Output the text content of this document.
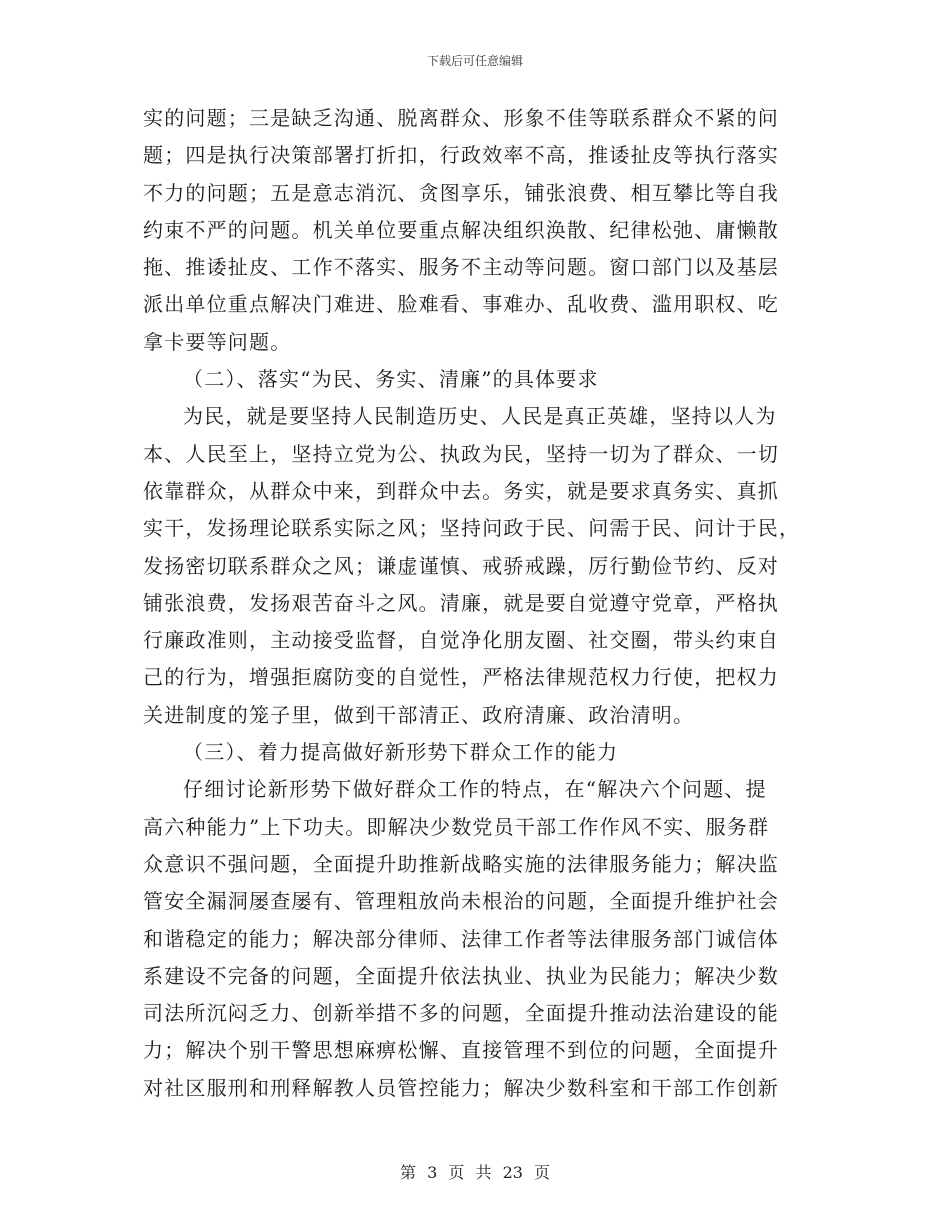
下载后可任意编辑
实的问题；三是缺乏沟通、脱离群众、形象不佳等联系群众不紧的问
题；四是执行决策部署打折扣，行政效率不高，推诿扯皮等执行落实
不力的问题；五是意志消沉、贪图享乐，铺张浪费、相互攀比等自我
约束不严的问题。机关单位要重点解决组织涣散、纪律松弛、庸懒散
拖、推诿扯皮、工作不落实、服务不主动等问题。窗口部门以及基层
派出单位重点解决门难进、脸难看、事难办、乱收费、滥用职权、吃
拿卡要等问题。
（二）、落实“为民、务实、清廉”的具体要求
为民，就是要坚持人民制造历史、人民是真正英雄，坚持以人为
本、人民至上，坚持立党为公、执政为民，坚持一切为了群众、一切
依靠群众，从群众中来，到群众中去。务实，就是要求真务实、真抓
实干，发扬理论联系实际之风；坚持问政于民、问需于民、问计于民，
发扬密切联系群众之风；谦虚谨慎、戒骄戒躁，厉行勤俭节约、反对
铺张浪费，发扬艰苦奋斗之风。清廉，就是要自觉遵守党章，严格执
行廉政准则，主动接受监督，自觉净化朋友圈、社交圈，带头约束自
己的行为，增强拒腐防变的自觉性，严格法律规范权力行使，把权力
关进制度的笼子里，做到干部清正、政府清廉、政治清明。
（三）、着力提高做好新形势下群众工作的能力
仔细讨论新形势下做好群众工作的特点，在“解决六个问题、提
高六种能力”上下功夫。即解决少数党员干部工作作风不实、服务群
众意识不强问题，全面提升助推新战略实施的法律服务能力；解决监
管安全漏洞屡查屡有、管理粗放尚未根治的问题，全面提升维护社会
和谐稳定的能力；解决部分律师、法律工作者等法律服务部门诚信体
系建设不完备的问题，全面提升依法执业、执业为民能力；解决少数
司法所沉闷乏力、创新举措不多的问题，全面提升推动法治建设的能
力；解决个别干警思想麻痹松懈、直接管理不到位的问题，全面提升
对社区服刑和刑释解教人员管控能力；解决少数科室和干部工作创新
第 3 页 共 23 页
